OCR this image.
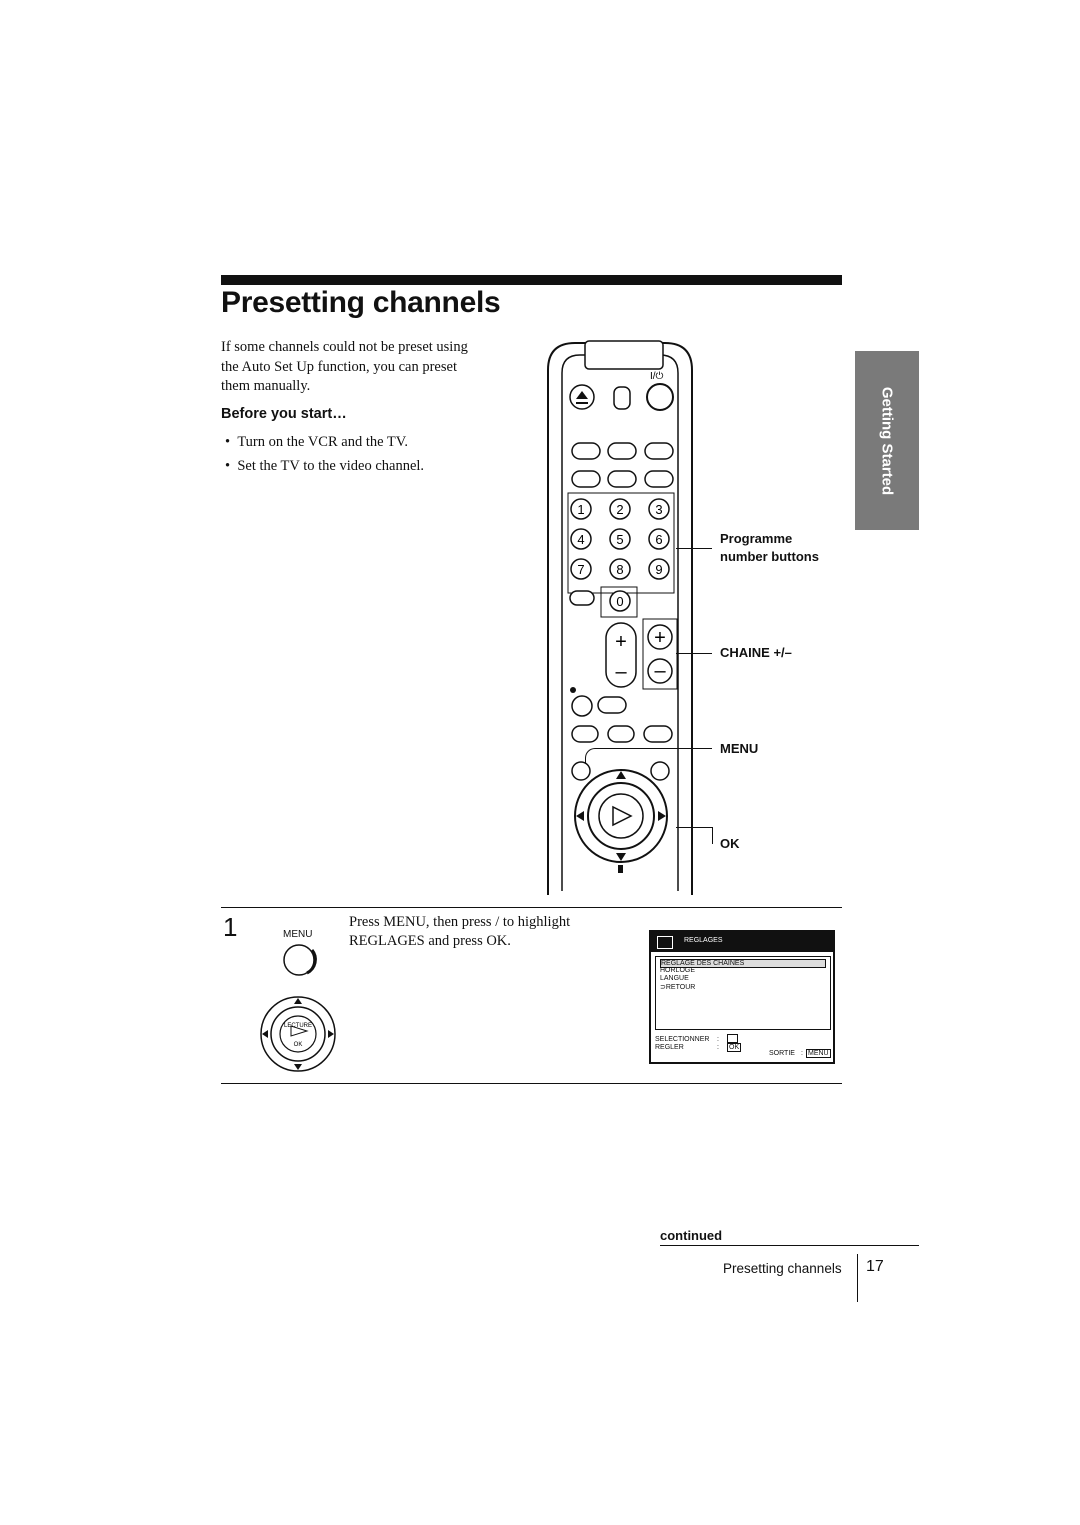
Presetting channels
If some channels could not be preset using
the Auto Set Up function, you can preset
them manually.
Before you start…
•  Turn on the VCR and the TV.
•  Set the TV to the video channel.	Getting Started
I/⏻
1 2 3
4 5 6
7 8 9
0
+
–
+
–
Programme
number buttons
CHAINE +/–
MENU
OK
1	MENU
LECTURE
OK
Press MENU, then press / to highlight
REGLAGES and press OK.	REGLAGES
REGLAGE DES CHAINES
HORLOGE
LANGUE
⊃RETOUR
SELECTIONNER
REGLER
:
: OK
SORTIE : MENU
continued
Presetting channels 17
